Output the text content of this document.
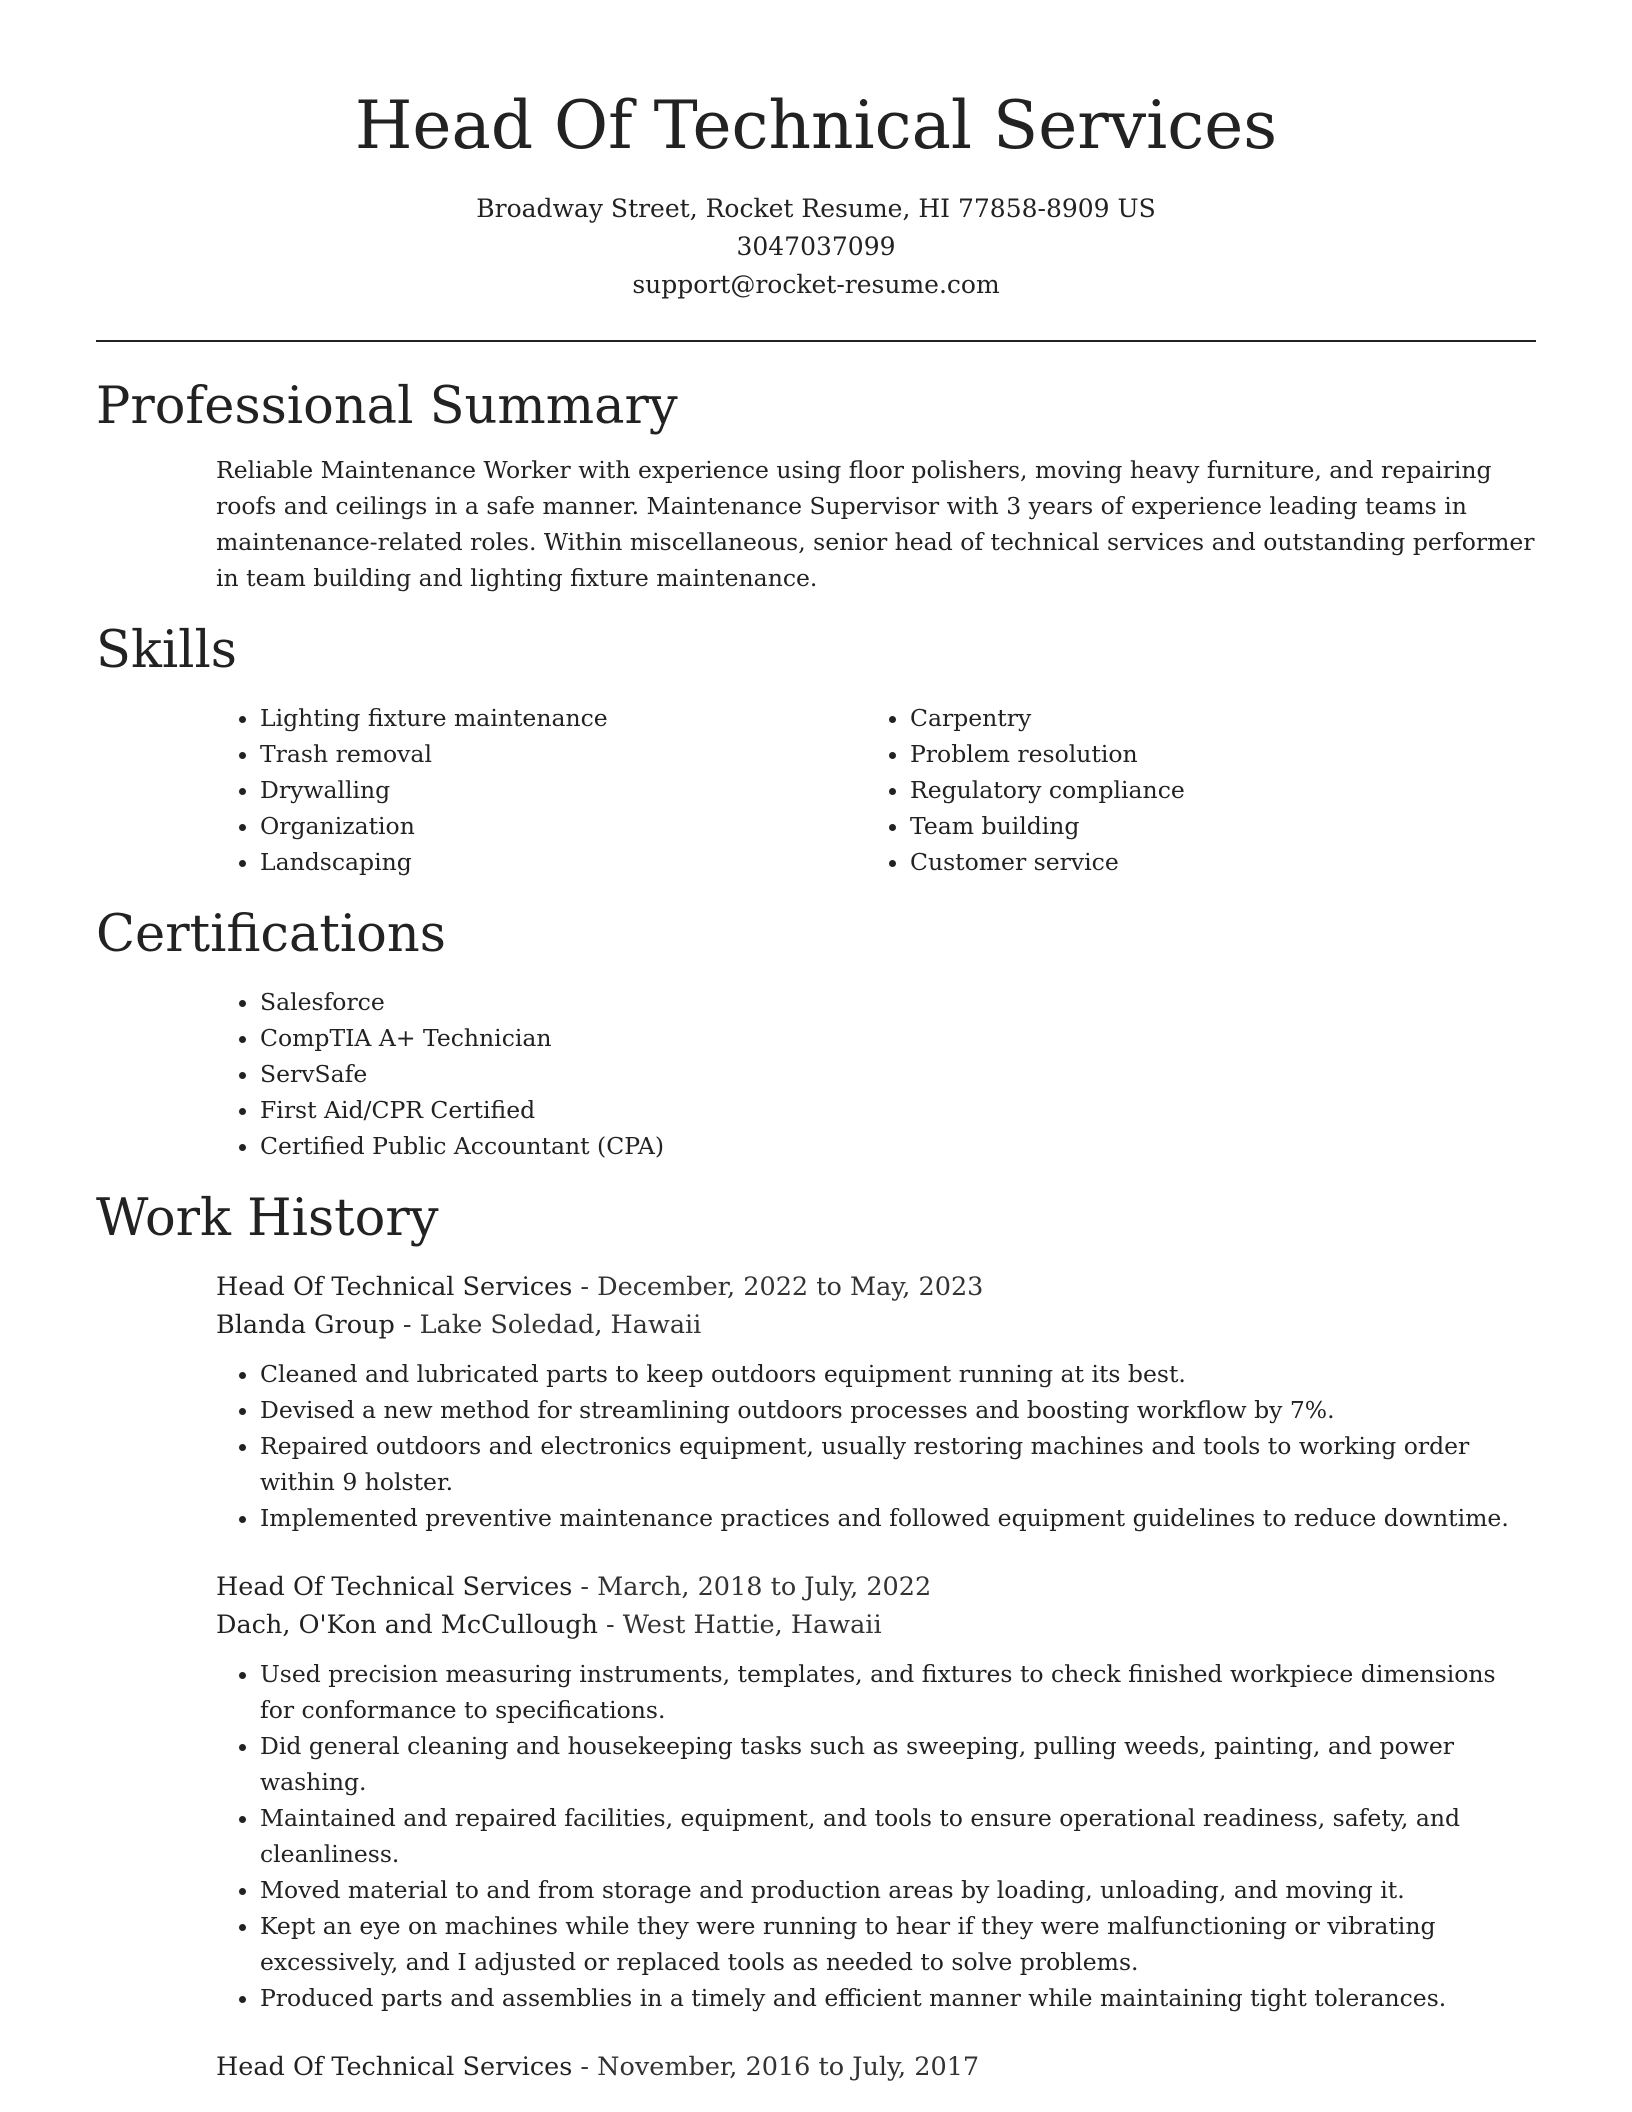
Head Of Technical Services
Broadway Street, Rocket Resume, HI 77858-8909 US
3047037099
support@rocket-resume.com
Professional Summary

Reliable Maintenance Worker with experience using floor polishers, moving heavy furniture, and repairing roofs and ceilings in a safe manner. Maintenance Supervisor with 3 years of experience leading teams in maintenance-related roles. Within miscellaneous, senior head of technical services and outstanding performer in team building and lighting fixture maintenance.

Skills
• Lighting fixture maintenance
• Trash removal
• Drywalling
• Organization
• Landscaping
• Carpentry
• Problem resolution
• Regulatory compliance
• Team building
• Customer service
Certifications
• Salesforce
• CompTIA A+ Technician
• ServSafe
• First Aid/CPR Certified
• Certified Public Accountant (CPA)
Work History
Head Of Technical Services - December, 2022 to May, 2023
Blanda Group - Lake Soledad, Hawaii
• Cleaned and lubricated parts to keep outdoors equipment running at its best.
• Devised a new method for streamlining outdoors processes and boosting workflow by 7%.
• Repaired outdoors and electronics equipment, usually restoring machines and tools to working order within 9 holster.
• Implemented preventive maintenance practices and followed equipment guidelines to reduce downtime.
Head Of Technical Services - March, 2018 to July, 2022
Dach, O'Kon and McCullough - West Hattie, Hawaii
• Used precision measuring instruments, templates, and fixtures to check finished workpiece dimensions for conformance to specifications.
• Did general cleaning and housekeeping tasks such as sweeping, pulling weeds, painting, and power washing.
• Maintained and repaired facilities, equipment, and tools to ensure operational readiness, safety, and cleanliness.
• Moved material to and from storage and production areas by loading, unloading, and moving it.
• Kept an eye on machines while they were running to hear if they were malfunctioning or vibrating excessively, and I adjusted or replaced tools as needed to solve problems.
• Produced parts and assemblies in a timely and efficient manner while maintaining tight tolerances.
Head Of Technical Services - November, 2016 to July, 2017
